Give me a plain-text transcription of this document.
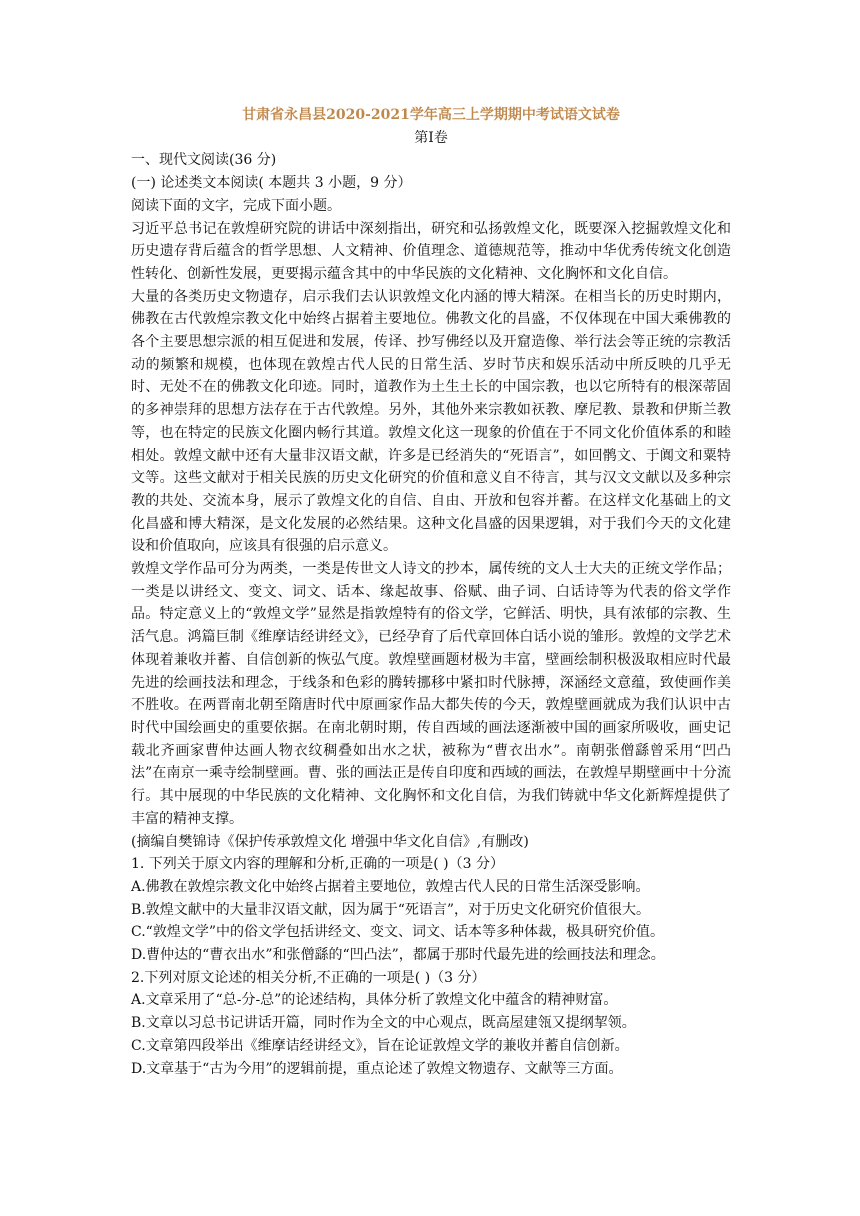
甘肃省永昌县2020-2021学年高三上学期期中考试语文试卷

第Ⅰ卷

一、现代文阅读(36 分)

(一) 论述类文本阅读( 本题共 3 小题，9 分）

阅读下面的文字，完成下面小题。

习近平总书记在敦煌研究院的讲话中深刻指出，研究和弘扬敦煌文化，既要深入挖掘敦煌文化和历史遗存背后蕴含的哲学思想、人文精神、价值理念、道德规范等，推动中华优秀传统文化创造性转化、创新性发展，更要揭示蕴含其中的中华民族的文化精神、文化胸怀和文化自信。

大量的各类历史文物遗存，启示我们去认识敦煌文化内涵的博大精深。在相当长的历史时期内，佛教在古代敦煌宗教文化中始终占据着主要地位。佛教文化的昌盛，不仅体现在中国大乘佛教的各个主要思想宗派的相互促进和发展，传译、抄写佛经以及开窟造像、举行法会等正统的宗教活动的频繁和规模，也体现在敦煌古代人民的日常生活、岁时节庆和娱乐活动中所反映的几乎无时、无处不在的佛教文化印迹。同时，道教作为土生土长的中国宗教，也以它所特有的根深蒂固的多神崇拜的思想方法存在于古代敦煌。另外，其他外来宗教如祆教、摩尼教、景教和伊斯兰教等，也在特定的民族文化圈内畅行其道。敦煌文化这一现象的价值在于不同文化价值体系的和睦相处。敦煌文献中还有大量非汉语文献，许多是已经消失的“死语言”，如回鹘文、于阗文和粟特文等。这些文献对于相关民族的历史文化研究的价值和意义自不待言，其与汉文文献以及多种宗教的共处、交流本身，展示了敦煌文化的自信、自由、开放和包容并蓄。在这样文化基础上的文化昌盛和博大精深，是文化发展的必然结果。这种文化昌盛的因果逻辑，对于我们今天的文化建设和价值取向，应该具有很强的启示意义。

敦煌文学作品可分为两类，一类是传世文人诗文的抄本，属传统的文人士大夫的正统文学作品；一类是以讲经文、变文、词文、话本、缘起故事、俗赋、曲子词、白话诗等为代表的俗文学作品。特定意义上的“敦煌文学”显然是指敦煌特有的俗文学，它鲜活、明快，具有浓郁的宗教、生活气息。鸿篇巨制《维摩诘经讲经文》，已经孕育了后代章回体白话小说的雏形。敦煌的文学艺术体现着兼收并蓄、自信创新的恢弘气度。敦煌壁画题材极为丰富，壁画绘制积极汲取相应时代最先进的绘画技法和理念，于线条和色彩的腾转挪移中紧扣时代脉搏，深涵经文意蕴，致使画作美不胜收。在两晋南北朝至隋唐时代中原画家作品大都失传的今天，敦煌壁画就成为我们认识中古时代中国绘画史的重要依据。在南北朝时期，传自西域的画法逐渐被中国的画家所吸收，画史记载北齐画家曹仲达画人物衣纹稠叠如出水之状，被称为“曹衣出水”。南朝张僧繇曾采用“凹凸法”在南京一乘寺绘制壁画。曹、张的画法正是传自印度和西域的画法，在敦煌早期壁画中十分流行。其中展现的中华民族的文化精神、文化胸怀和文化自信，为我们铸就中华文化新辉煌提供了丰富的精神支撑。

(摘编自樊锦诗《保护传承敦煌文化 增强中华文化自信》,有删改)

1. 下列关于原文内容的理解和分析,正确的一项是( )（3 分）

A.佛教在敦煌宗教文化中始终占据着主要地位，敦煌古代人民的日常生活深受影响。

B.敦煌文献中的大量非汉语文献，因为属于“死语言”，对于历史文化研究价值很大。

C.“敦煌文学”中的俗文学包括讲经文、变文、词文、话本等多种体裁，极具研究价值。

D.曹仲达的“曹衣出水”和张僧繇的“凹凸法”，都属于那时代最先进的绘画技法和理念。

2.下列对原文论述的相关分析,不正确的一项是( )（3 分）

A.文章采用了“总-分-总”的论述结构，具体分析了敦煌文化中蕴含的精神财富。

B.文章以习总书记讲话开篇，同时作为全文的中心观点，既高屋建瓴又提纲挈领。

C.文章第四段举出《维摩诘经讲经文》，旨在论证敦煌文学的兼收并蓄自信创新。

D.文章基于“古为今用”的逻辑前提，重点论述了敦煌文物遗存、文献等三方面。
